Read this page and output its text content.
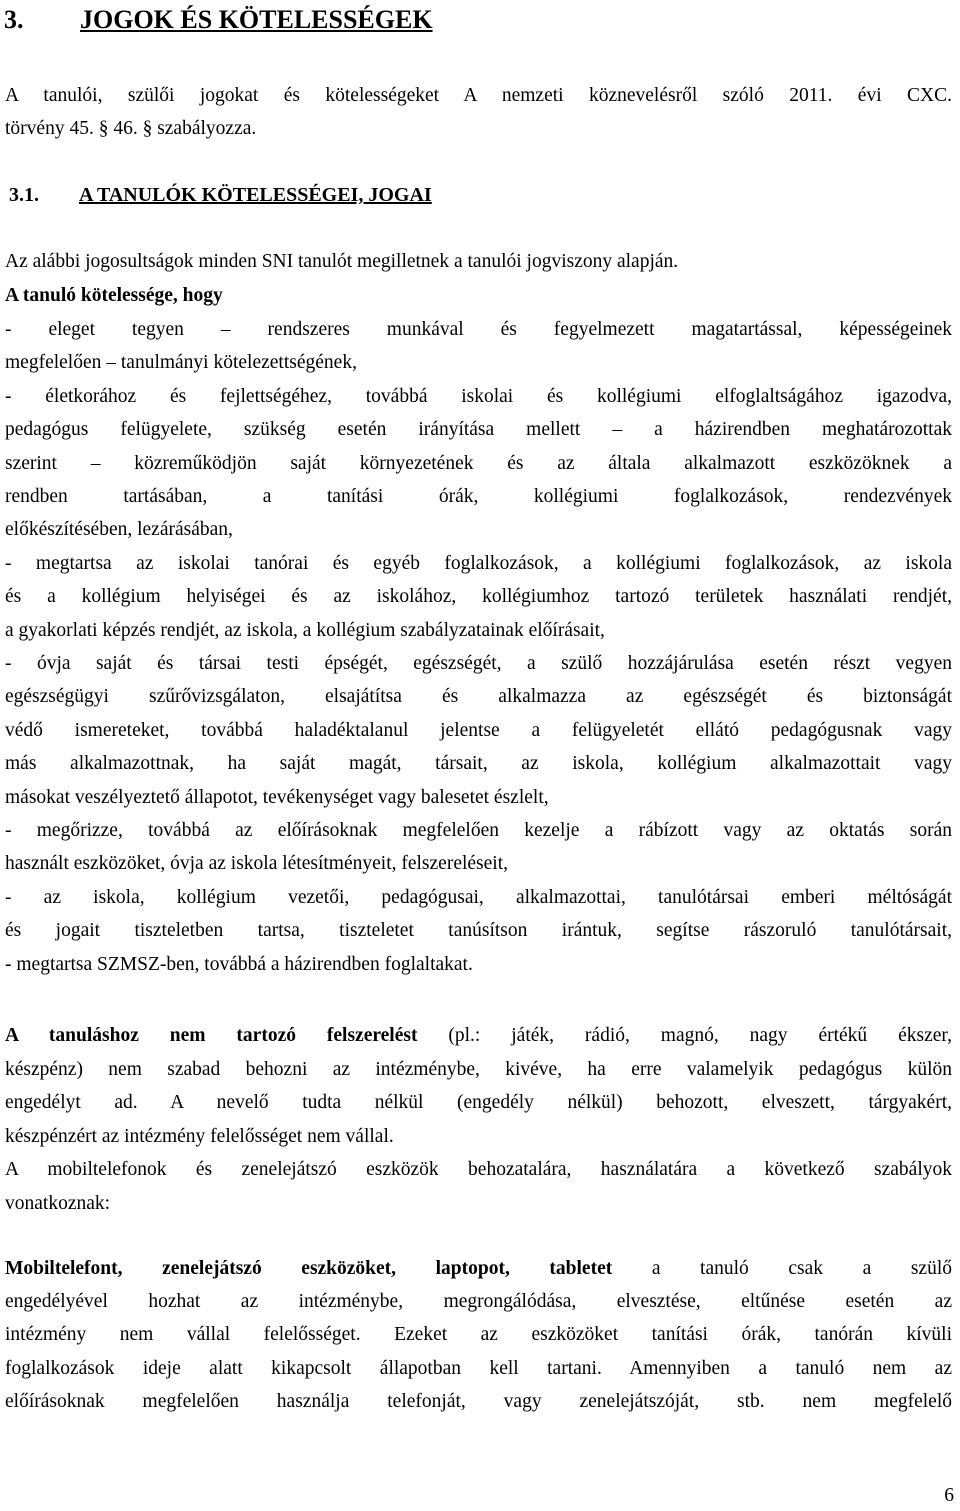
3. JOGOK ÉS KÖTELESSÉGEK
A tanulói, szülői jogokat és kötelességeket A nemzeti köznevelésről szóló 2011. évi CXC.
törvény 45. § 46. § szabályozza.
3.1. A TANULÓK KÖTELESSÉGEI, JOGAI
Az alábbi jogosultságok minden SNI tanulót megilletnek a tanulói jogviszony alapján.
A tanuló kötelessége, hogy
- eleget tegyen – rendszeres munkával és fegyelmezett magatartással, képességeinek
megfelelően – tanulmányi kötelezettségének,
- életkorához és fejlettségéhez, továbbá iskolai és kollégiumi elfoglaltságához igazodva,
pedagógus felügyelete, szükség esetén irányítása mellett – a házirendben meghatározottak
szerint – közreműködjön saját környezetének és az általa alkalmazott eszközöknek a
rendben tartásában, a tanítási órák, kollégiumi foglalkozások, rendezvények
előkészítésében, lezárásában,
- megtartsa az iskolai tanórai és egyéb foglalkozások, a kollégiumi foglalkozások, az iskola
és a kollégium helyiségei és az iskolához, kollégiumhoz tartozó területek használati rendjét,
a gyakorlati képzés rendjét, az iskola, a kollégium szabályzatainak előírásait,
- óvja saját és társai testi épségét, egészségét, a szülő hozzájárulása esetén részt vegyen
egészségügyi szűrővizsgálaton, elsajátítsa és alkalmazza az egészségét és biztonságát
védő ismereteket, továbbá haladéktalanul jelentse a felügyeletét ellátó pedagógusnak vagy
más alkalmazottnak, ha saját magát, társait, az iskola, kollégium alkalmazottait vagy
másokat veszélyeztető állapotot, tevékenységet vagy balesetet észlelt,
- megőrizze, továbbá az előírásoknak megfelelően kezelje a rábízott vagy az oktatás során
használt eszközöket, óvja az iskola létesítményeit, felszereléseit,
- az iskola, kollégium vezetői, pedagógusai, alkalmazottai, tanulótársai emberi méltóságát
és jogait tiszteletben tartsa, tiszteletet tanúsítson irántuk, segítse rászoruló tanulótársait,
- megtartsa SZMSZ-ben, továbbá a házirendben foglaltakat.
A tanuláshoz nem tartozó felszerelést (pl.: játék, rádió, magnó, nagy értékű ékszer,
készpénz) nem szabad behozni az intézménybe, kivéve, ha erre valamelyik pedagógus külön
engedélyt ad. A nevelő tudta nélkül (engedély nélkül) behozott, elveszett, tárgyakért,
készpénzért az intézmény felelősséget nem vállal.
A mobiltelefonok és zenelejátszó eszközök behozatalára, használatára a következő szabályok
vonatkoznak:
Mobiltelefont, zenelejátszó eszközöket, laptopot, tabletet a tanuló csak a szülő
engedélyével hozhat az intézménybe, megrongálódása, elvesztése, eltűnése esetén az
intézmény nem vállal felelősséget. Ezeket az eszközöket tanítási órák, tanórán kívüli
foglalkozások ideje alatt kikapcsolt állapotban kell tartani. Amennyiben a tanuló nem az
előírásoknak megfelelően használja telefonját, vagy zenelejátszóját, stb. nem megfelelő
6
